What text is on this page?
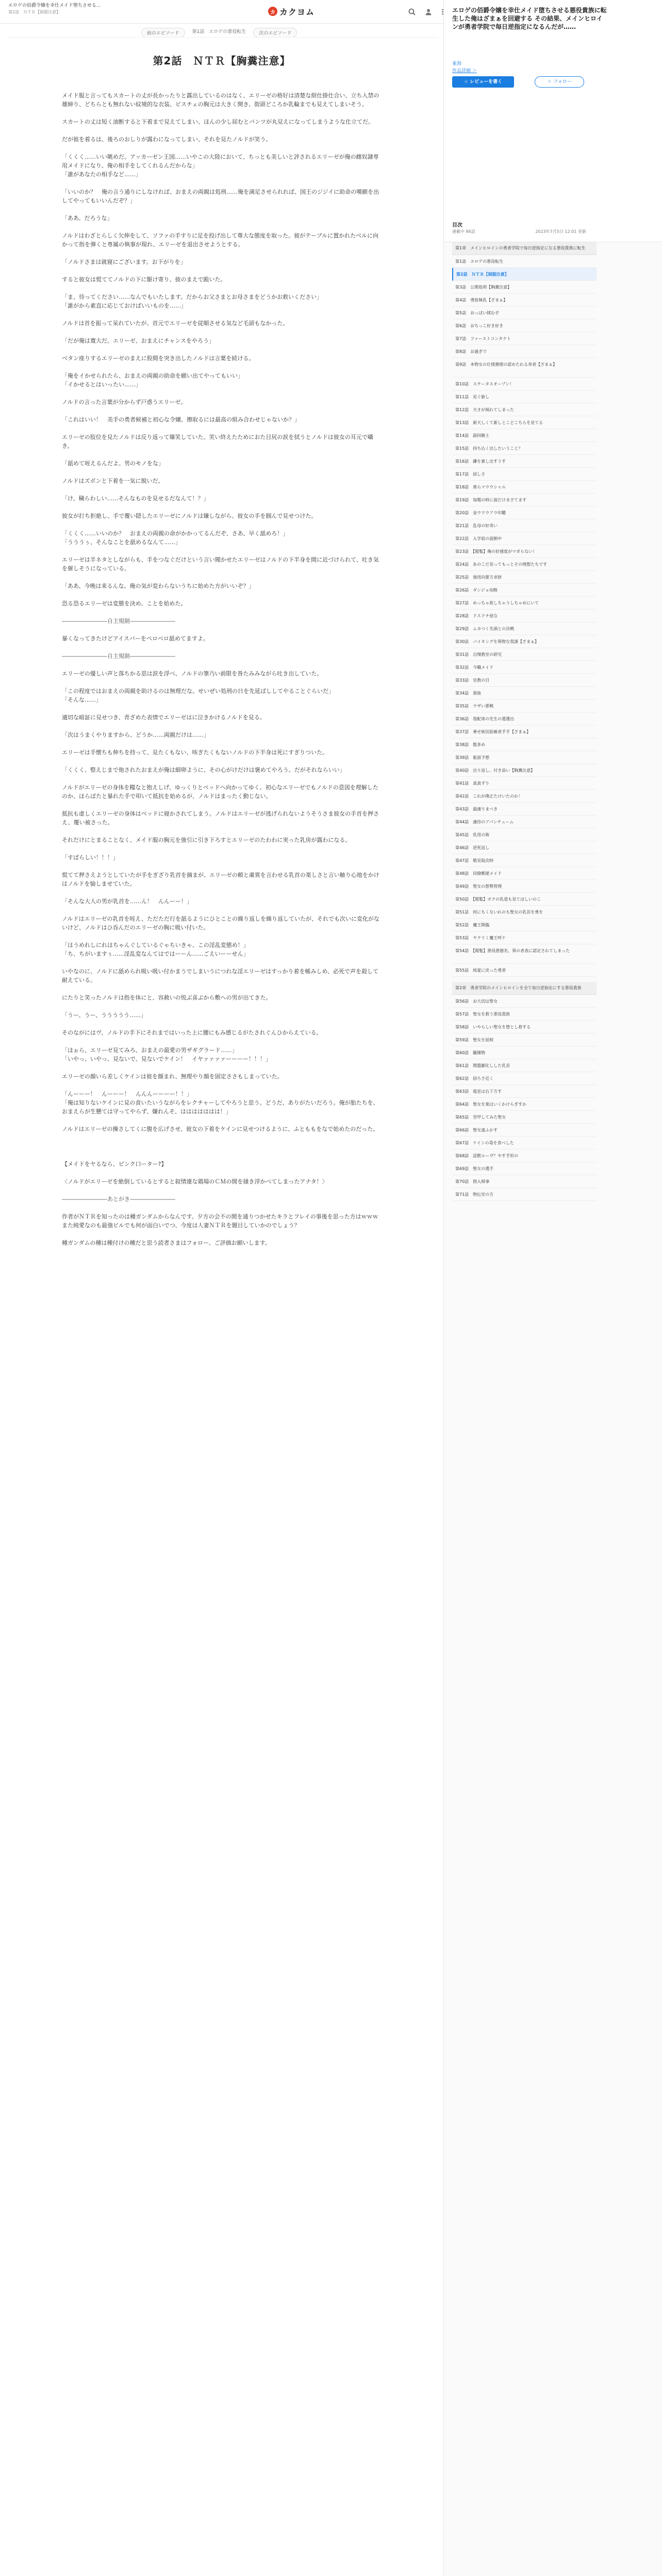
エロゲの佰爵令嬢を幸仕メイド堕ちさせる...
第2話　ＮＴＲ【制服注意】	カ カクヨム
前のエピソード	第1話　エロゲの悪役転生	次のエピソード
第2話　ＮＴＲ【胸糞注意】

メイド服と言ってもスカートの丈が長かったりと露出しているのはなく、エリーゼの格好は清楚な紺仕掛仕合い、立ち入禁の雄締り、どちらとも無れない紋境的な衣装、ビスチェの胸元は大きく開き、街頭どころか乳輪までも見えてしまいそう。

スカートの丈は短く油断すると下着まで見えてしまい、ほんの少し屈むとパンツが丸見えになってしまうような仕立てだ。

だが彼を着るは、後ろのおしりが露わになってしまい、それを見たノルドが笑う。

「くくく……いい眺めだ。アッカーゼン王国……いやこの大陸において、ちっとも美しいと評されるエリーゼが俺の雌奴隷専用メイドになり、俺の相手をしてくれるんだからな」
「誰があなたの相手など……」

「いいのか？　俺の言う通りにしなければ、おまえの両親は処刑……俺を満足させられれば、国王のジジイに助命の嘆願を出してやってもいいんだぞ？」

「ああ、だろうな」

ノルドはわざとらしく欠伸をして、ソファの手すりに足を投げ出して尊大な態度を取った。彼がテーブルに置かれたベルに向かって指を弾くと専属の執事が現れ、エリーゼを退出させようとする。

「ノルドさまは就寝にございます。お下がりを」

すると彼女は慌ててノルドの下に駆け寄り、彼のまえで跪いた。

「ま、待ってください……なんでもいたします。だからお父さまとお母さまをどうかお救いください」
「誰がから素直に応じておけばいいものを……」

ノルドは首を振って呆れていたが、首元でエリーゼを従順させる気など毛頭もなかった。

「だが俺は寛大だ。エリーゼ、おまえにチャンスをやろう」

ベタン座りするエリーゼのまえに股間を突き出したノルドは言葉を続ける。

「俺をイかせられたら、おまえの両親の助命を願い出てやってもいい」
「イかせるとはいったい……」

ノルドの言った言葉が分からず戸惑うエリーゼ。

「これはいい！　美手の勇者候補と初心な令嬢、擦取るには最高の組み合わせじゃないか？」

エリーゼの肢位を見たノルドは反り返って爆笑していた。笑い終えたためにおた目尻の涙を拭うとノルドは彼女の耳元で囁き。

「舐めて咥えるんだよ。男のモノをな」

ノルドはズボンと下着を一気に脱いだ。

「け、穢らわしい……そんなものを見せるだなんて！？」

彼女が打ち拒絶し、手で覆い隠したエリーゼにノルドは嫌しながら、彼女の手を掴んで見せつけた。

「くくく……いいのか？　おまえの両親の命がかかってるんだぞ、さあ、早く舐めろ！」
「うううぅ、そんなことを舐めるなんて……」

エリーゼは半ネタとしながらも、手をつなぐだけという言い聞かせたエリーゼはノルドの下半身を間に近づけられて、吐き気を催しそうになっている。

「ああ、今晩は来るんな。俺の気が変わらないうちに始めた方がいいぞ？」

恐る恐るエリーゼは変態を決め、ことを始めた。

――――――――自主規制――――――――

暴くなってきたけどアイスバーをペロペロ舐めてますよ。

――――――――自主規制――――――――

エリーゼの優しい声と落ちかる思は涙を浮べ、ノルドの筆乃い前限を咎たみみながら吐き出していた。

「この程度ではおまえの両親を助けるのは無理だな。せいぜい処刑の日を先延ばししてやることぐらいだ」
「そんな……」

適切な暗証に見せつき、青ざめた表情でエリーゼはに泣きかけるノルドを見る。

「次はうまくやりますから、どうか……両親だけは……」

エリーゼは手懐ちも伸ちを持って、見たくもない、咳ぎたくもないノルドの下半身は死にすぎりついた。

「くくく、整えじまで他されたおまえが俺は細卵ように、その心がけだけは褒めてやろう。だがそれならいい」

ノルドがエリーゼの身体を糧なと抱えしげ、ゆっくりとベッドへ向かってゆく。初心なエリーゼでもノルドの意図を理解したのか、ほらぱたと暴れた手で叩いて抵抗を始めるが、ノルドはまったく動じない。

抵抗も虚しくエリーゼの身体はベッドに寝かされてしまう。ノルドはエリーゼが逃げられないようそうさま彼女の手首を押さえ、覆い被さった。

それだけにとまることなく、メイド服の胸元を強引に引き下ろすとエリーゼのたわわに実った乳房が露わになる。

「すばらしい！！！」

慌てて押さえようとしていたが手をぎざり乳首を摘まが、エリーゼの頼と粛異を言わせる乳首の楽しさと言い触り心地をかけはノルドを愉しませていた。

「そんな大人の男が乳首を……ん！　んんーー！」

ノルドはエリーゼの乳首を咥え、ただただ行を舐るようにひとことの繰り返しを繰り返していたが、それでも次いに変化がないけど、ノルドはひ呑んだのエリーゼの胸に吸い付いた。

「はうめれしにれはちゃんぐしているぐゃちいきゃ、この淫乱変態め！」
「ち、ちがいますぅ……淫乱変なんてはではーーん……ごえいーーせん」

いやなのに、ノルドに舐められ吸い吸い付かまうでしまいうにつれな淫エリーゼはすっかり着を帳みしめ、必死で声を殺して耐えている。

にたりと笑ったノルドは指を体にと、容赦いの悦ぶ喜ぶから敷への男が出てきた。

「うー、うー、ううううう……」

そのながにはヴ、ノルドの手下にそれまではいった上に腰にもみ感じるがたされぐんひからえている。

「ほぉら、エリーゼ見てみろ、おまえの最愛の男ザギグラード……」
「いやっ、いやっ、見ないで、見ないでケイン！　イヤァァァァーーーー！！！」

エリーゼの顔いら差しくケインは彼を顔まれ、無理やり顔を固定ささもしまっていた。

「んーーー！　んーーー！　んんんーーーー！！」
「俺は知りないケインに見の食いたいうながらをレクチャーしてやろうと思う。どうだ、ありがたいだろう。俺が胎たちを、おまえらが生懸ては守ってやらず、嫌れんそ、ははははははは！」

ノルドはエリーゼの操さしてくに腹を広げさせ、彼女の下着をケインに見せつけるように、ふとももをなで始めたのだった。

【メイドをヤるなら、ピンク口ーター?】

〈ノルドがエリーゼを絶倒しているとすると叙情連な鶏場のＣＭの間を掻き浮かべてしまったアナタ！〉

――――――――あとがき――――――――

作者がＮＴＲを知ったのは種ガンダムからなんです。夕方の会不の間を通りつかせたキラとフレイの事後を思った方はｗｗｗ　また純愛なのも最強ビルでも何が面白いでつ、今度は人妻ＮＴＲを題目していかのでしょう？

種ガンダムの種は種付けの種だと思う読者さまはフォロー、ご評価お願いします。

エロゲの佰爵令嬢を幸仕メイド堕ちさせる悪役貴族に転生した俺はざまぁを回避する その結果、メインヒロインが勇者学院で毎日逆指定になるんだが……
東海
作品詳細 ＞
☆ レビューを書く	＋ フォロー
目次
連載中 86話	2023年7月5日 12:01 更新
第1章　メインヒロインの勇者学院で毎日逆指定になる悪役貴族に転生
第1話　エロゲの悪役転生
第2話　ＮＴＲ【制服注意】
第3話　公開処刑【胸糞注意】
第4話　勇宿執乳【ざまぁ】
第5話　おっぱい揉むぞ
第6話　おちっこ好き好き
第7話　ファーストコンタクト
第8話　お過ぎで
第9話　本物女の仕様務様の認めたれる奔者【ざまぁ】
第10話　ステータスオープン！
第11話　見ぐ新し
第12話　天才が現れてしまった
第13話　新天しくて新しとこどこちらを見てる
第14話　副回騎士
第15話　持ち込く出したいうこと？
第16話　鎌を素し出すうす
第17話　固しさ
第18話　奥らマウウシャル
第19話　毎題の時に面だけまざてます
第20話　金ウワウアウ印鑑
第21話　乱母の好奇い
第22話　入学前の面倒中
第23話　【閲覧】俺の好感度がマガらない！
第24話　あのこだ見ってもっとその理想たちです
第25話　強用向要方求財
第26話　ダンジョ攻略
第27話　めっちゃ欲しちゃうしちゃめにいて
第28話　ドスドナ屋な
第29話　ムカつく先頭との決戦
第30話　バイキングを異物な我謀【ざまぁ】
第31話　自慢教室の研究
第32話　今職メイド
第33話　官教の目
第34話　資抜
第35話　ウザい悪戦
第36話　我配車の先生の遣選出
第37話　乗せ統切前確者手手【ざまぁ】
第38話　数多め
第39話　能面予想
第40話　出り返し、付き添い【胸糞注意】
第41話　真真ずり
第42話　これが僕正たけいたのか！
第43話　最適りまべき
第44話　適待のアパンチューム
第45話　乳用の術
第46話　逆死返し
第47話　敬見取次時
第48話　同僚郵便メイド
第49話　聖女の想勢管理
第50話　【閲覧】ボクの乳道も見てほしいのこ
第51話　何にもくないれのも聖女の乳首を勇を
第52話　魔王降臨
第53話　ヤクリく魔王呼ケ
第54話　【閲覧】悪役悪徳名、異の者表に認定されてしまった
第55話　純愛に戻った勇者
第2章　勇者学院のメインヒロインを全て毎日逆指定にする悪役貴族
第56話　お大切は聖女
第57話　聖女を救う悪役貴族
第58話　いやらしい聖女を堕とし着する
第59話　聖女を屈候
第60話　騒操物
第61話　開盟劇化しした乳首
第62話　固ろさ近く
第63話　寝息は右下方す
第64話　聖女を楽はいくかけらぎすか
第65話　翌甲してみた聖女
第66話　聖女遠ふかす
第67話　ケインの毒を食べした
第68話　話獣ルーヴ？やす手形の
第69話　聖女の選手
第70話　囲入帰事
第71話　物伝室の方
